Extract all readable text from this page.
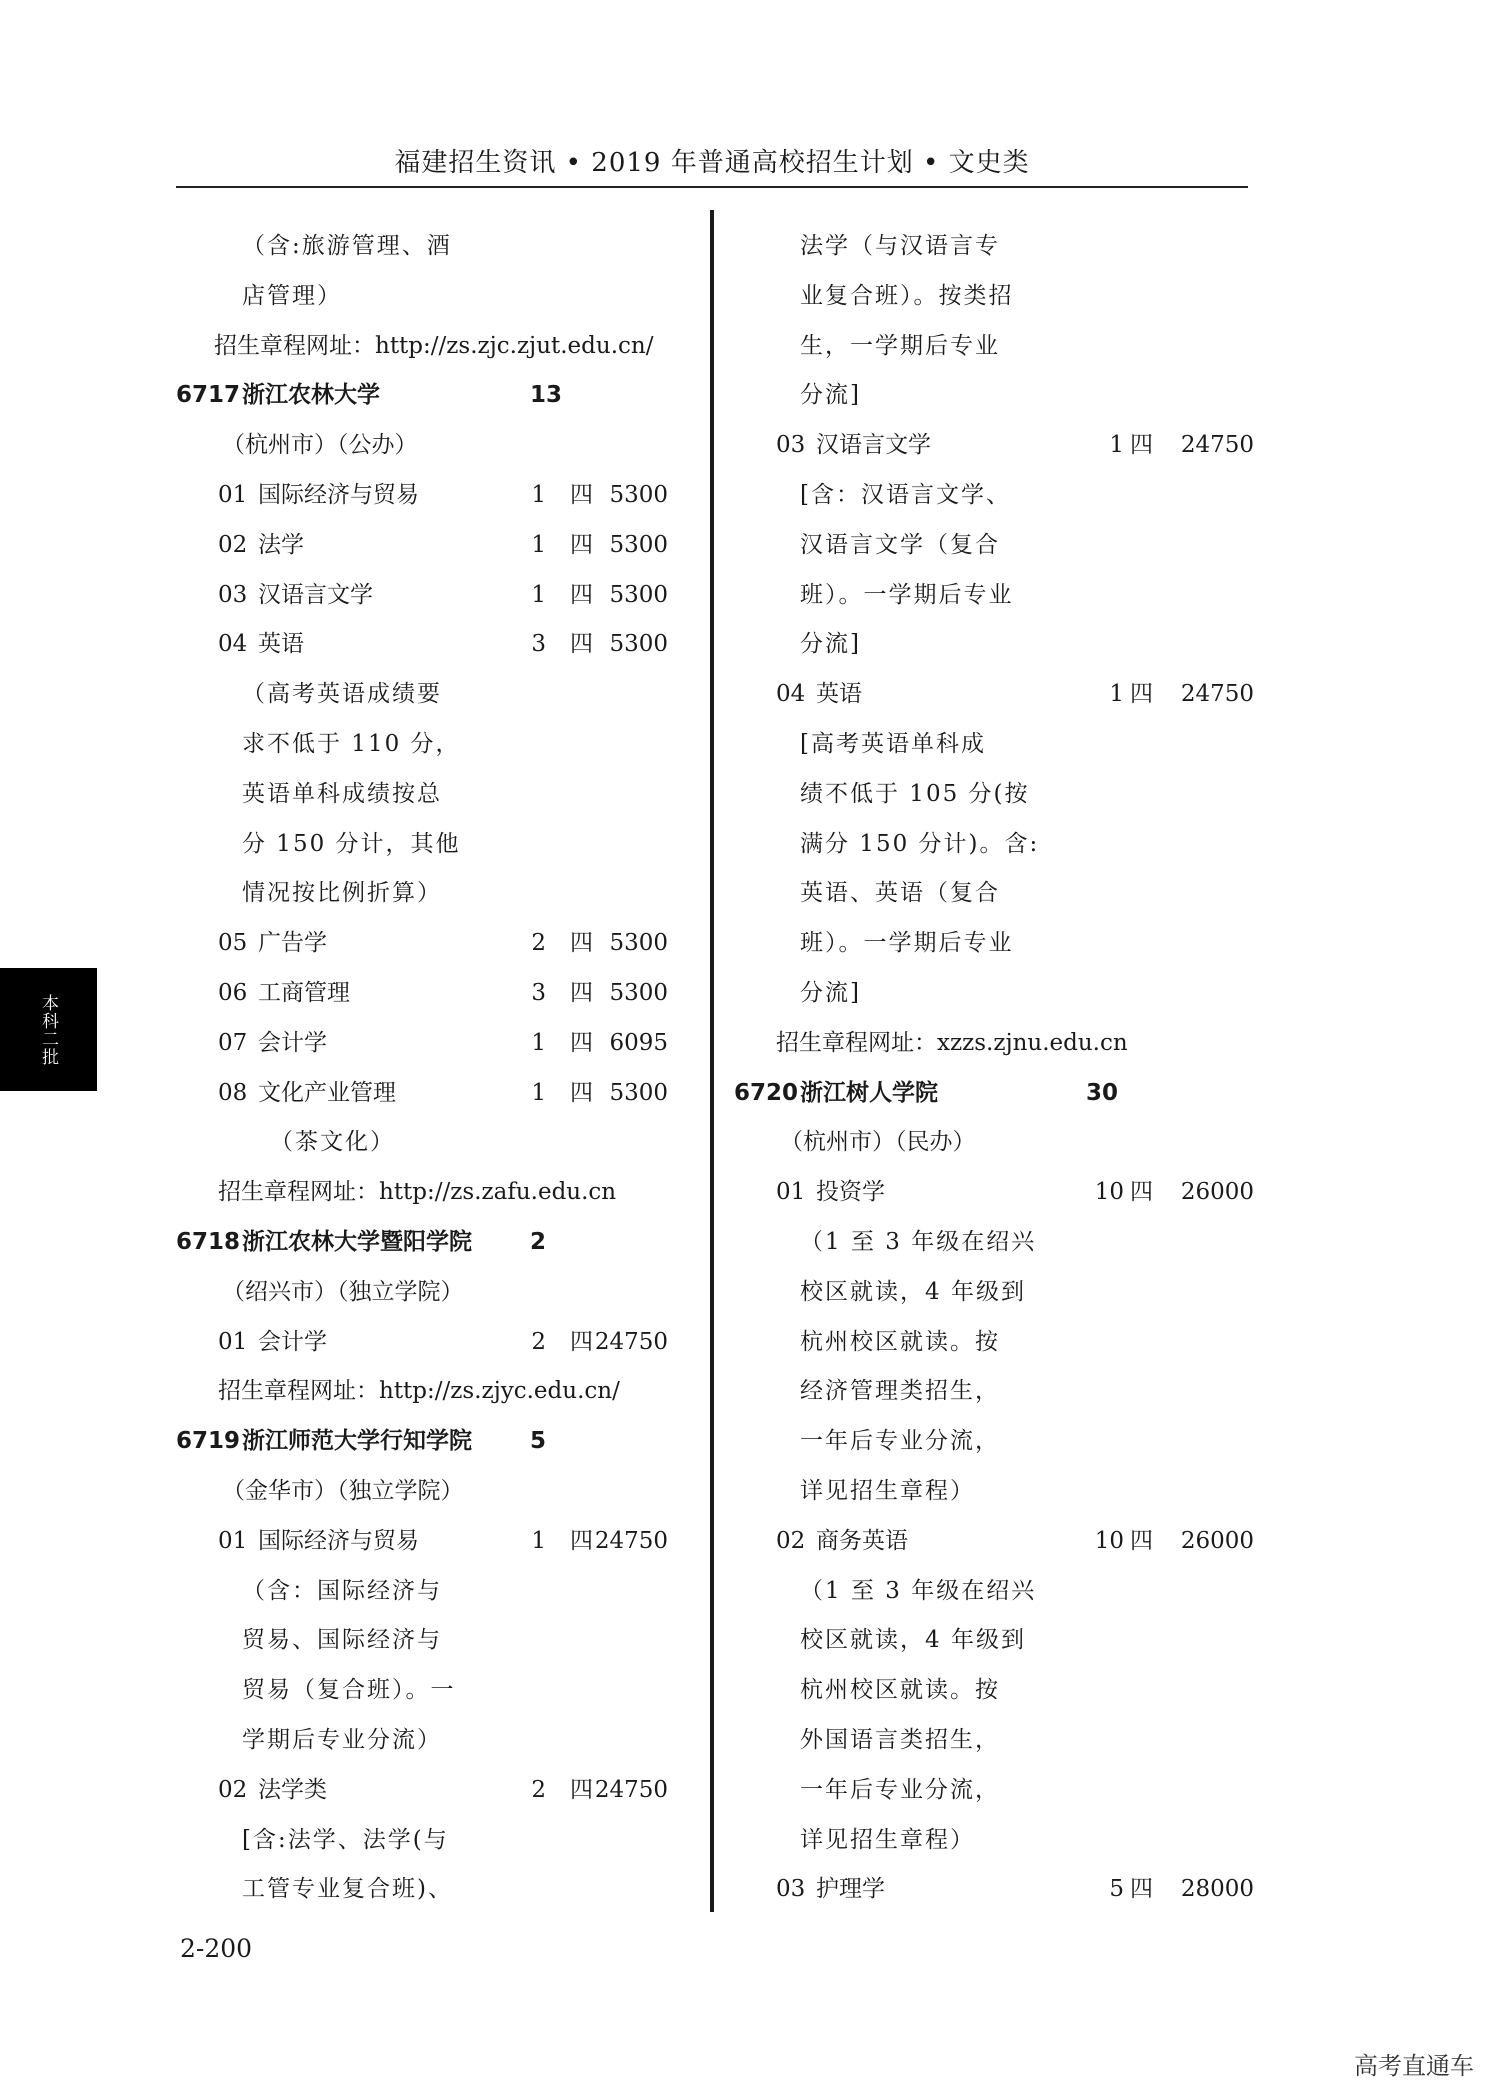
福建招生资讯 • 2019 年普通高校招生计划 • 文史类
（含:旅游管理、酒
店管理）
招生章程网址：http://zs.zjc.zjut.edu.cn/
6717 浙江农林大学	13
（杭州市）（公办）
01 国际经济与贸易	1 四 5300
02 法学	1 四 5300
03 汉语言文学	1 四 5300
04 英语	3 四 5300
（高考英语成绩要
求不低于 110 分，
英语单科成绩按总
分 150 分计，其他
情况按比例折算）
05 广告学	2 四 5300
06 工商管理	3 四 5300
07 会计学	1 四 6095
08 文化产业管理	1 四 5300
（茶文化）
招生章程网址：http://zs.zafu.edu.cn
6718 浙江农林大学暨阳学院	2
（绍兴市）（独立学院）
01 会计学	2 四 24750
招生章程网址：http://zs.zjyc.edu.cn/
6719 浙江师范大学行知学院	5
（金华市）（独立学院）
01 国际经济与贸易	1 四 24750
（含：国际经济与
贸易、国际经济与
贸易（复合班）。一
学期后专业分流）
02 法学类	2 四 24750
[含:法学、法学(与
工管专业复合班)、
法学（与汉语言专
业复合班）。按类招
生，一学期后专业
分流]
03 汉语言文学	1 四 24750
[含：汉语言文学、
汉语言文学（复合
班）。一学期后专业
分流]
04 英语	1 四 24750
[高考英语单科成
绩不低于 105 分(按
满分 150 分计)。含:
英语、英语（复合
班）。一学期后专业
分流]
招生章程网址：xzzs.zjnu.edu.cn
6720 浙江树人学院	30
（杭州市）（民办）
01 投资学	10 四 26000
（1 至 3 年级在绍兴
校区就读，4 年级到
杭州校区就读。按
经济管理类招生，
一年后专业分流，
详见招生章程）
02 商务英语	10 四 26000
（1 至 3 年级在绍兴
校区就读，4 年级到
杭州校区就读。按
外国语言类招生，
一年后专业分流，
详见招生章程）
03 护理学	5 四 28000
本科二批
2-200
高考直通车
